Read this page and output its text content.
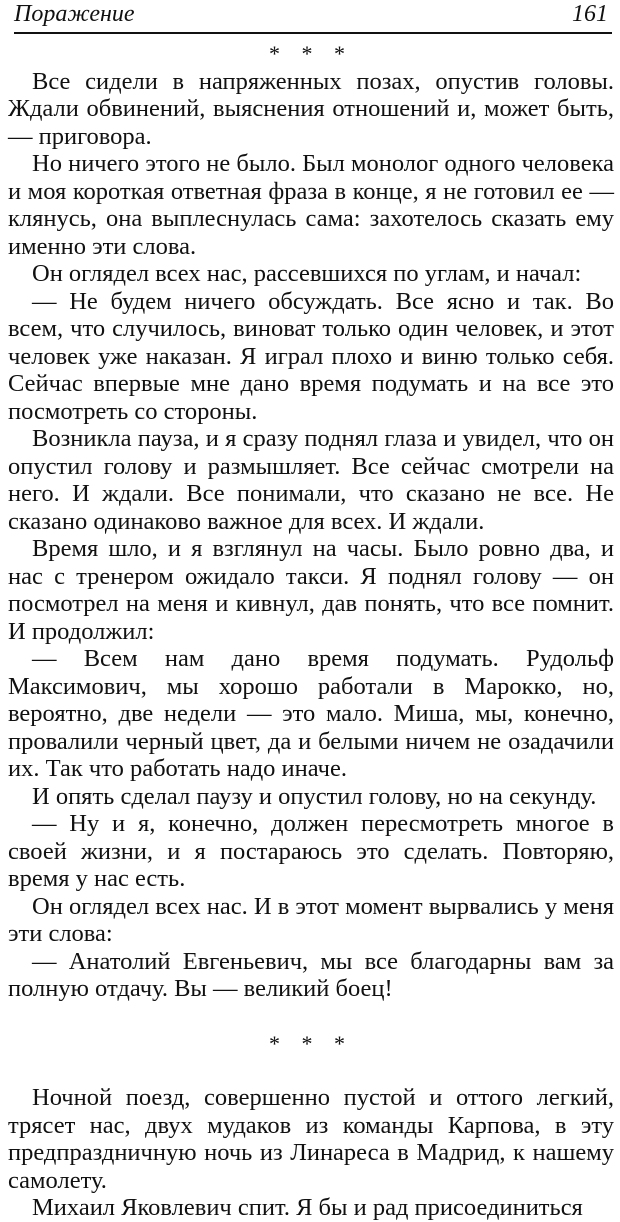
Поражение	161

* * *

Все сидели в напряженных позах, опустив головы. Ждали обвинений, выяснения отношений и, может быть,— приговора.

Но ничего этого не было. Был монолог одного человека и моя короткая ответная фраза в конце, я не готовил ее — клянусь, она выплеснулась сама: захотелось сказать ему именно эти слова.

Он оглядел всех нас, рассевшихся по углам, и начал:

— Не будем ничего обсуждать. Все ясно и так. Во всем, что случилось, виноват только один человек, и этот человек уже наказан. Я играл плохо и виню только себя. Сейчас впервые мне дано время подумать и на все это посмотреть со стороны.

Возникла пауза, и я сразу поднял глаза и увидел, что он опустил голову и размышляет. Все сейчас смотрели на него. И ждали. Все понимали, что сказано не все. Не сказано одинаково важное для всех. И ждали.

Время шло, и я взглянул на часы. Было ровно два, и нас с тренером ожидало такси. Я поднял голову — он посмотрел на меня и кивнул, дав понять, что все помнит. И продолжил:

— Всем нам дано время подумать. Рудольф Максимович, мы хорошо работали в Марокко, но, вероятно, две недели — это мало. Миша, мы, конечно, провалили черный цвет, да и белыми ничем не озадачили их. Так что работать надо иначе.

И опять сделал паузу и опустил голову, но на секунду.

— Ну и я, конечно, должен пересмотреть многое в своей жизни, и я постараюсь это сделать. Повторяю, время у нас есть.

Он оглядел всех нас. И в этот момент вырвались у меня эти слова:

— Анатолий Евгеньевич, мы все благодарны вам за полную отдачу. Вы — великий боец!

* * *

Ночной поезд, совершенно пустой и оттого легкий, трясет нас, двух мудаков из команды Карпова, в эту предпраздничную ночь из Линареса в Мадрид, к нашему самолету.

Михаил Яковлевич спит. Я бы и рад присоединиться
